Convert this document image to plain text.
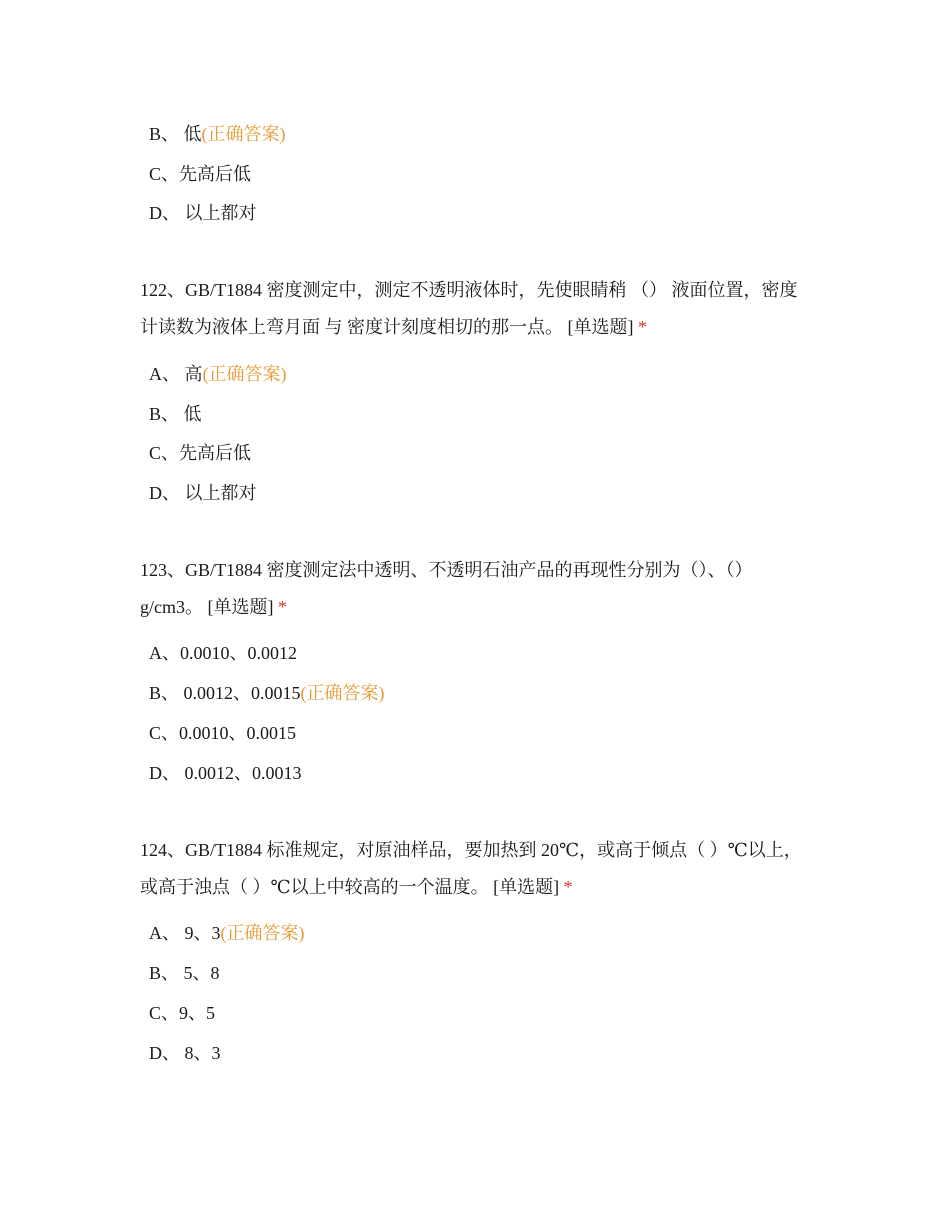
B、 低(正确答案)
C、先高后低
D、 以上都对
122、GB/T1884 密度测定中，测定不透明液体时，先使眼睛稍 （） 液面位置，密度计读数为液体上弯月面 与 密度计刻度相切的那一点。 [单选题] *
A、 高(正确答案)
B、 低
C、先高后低
D、 以上都对
123、GB/T1884 密度测定法中透明、不透明石油产品的再现性分别为（）、（）g/cm3。 [单选题] *
A、0.0010、0.0012
B、 0.0012、0.0015(正确答案)
C、0.0010、0.0015
D、 0.0012、0.0013
124、GB/T1884 标准规定，对原油样品，要加热到 20℃，或高于倾点（ ）℃以上，或高于浊点（ ）℃以上中较高的一个温度。 [单选题] *
A、 9、3(正确答案)
B、 5、8
C、9、5
D、 8、3
